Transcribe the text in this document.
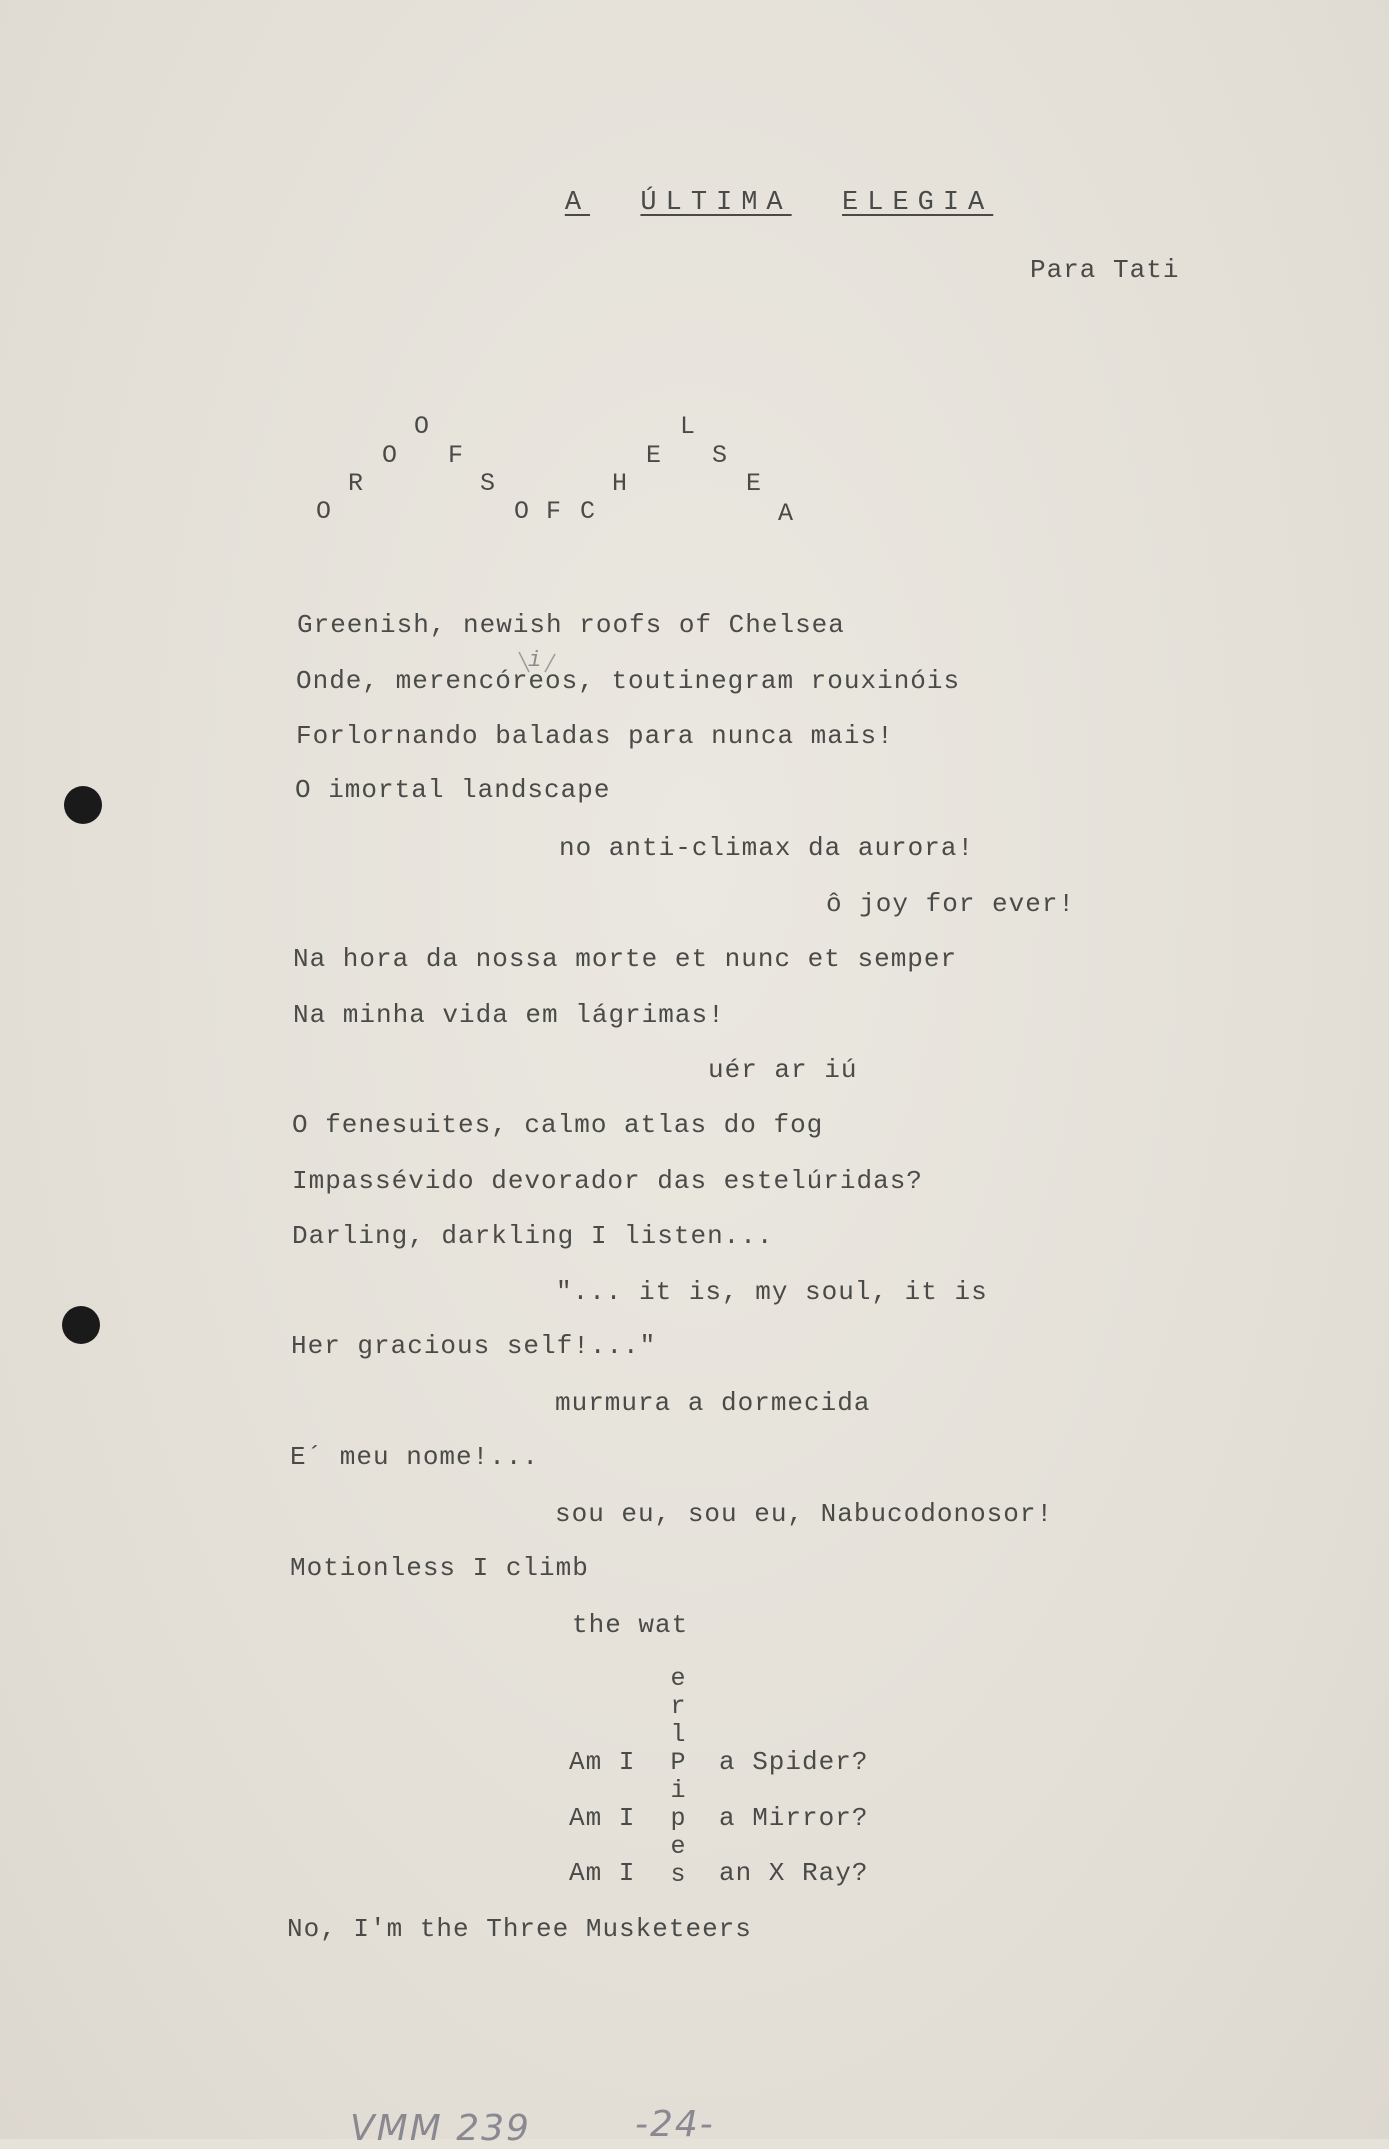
A ÚLTIMA ELEGIA

Para Tati
O
R
O
O
F
S
O F C
H
E
L
S
E
A
Greenish, newish roofs of Chelsea
Onde, merencóreos, toutinegram rouxinóis
Forlornando baladas para nunca mais!
O imortal landscape
no anti-climax da aurora!
ô joy for ever!
Na hora da nossa morte et nunc et semper
Na minha vida em lágrimas!
uér ar iú
O fenesuites, calmo atlas do fog
Impassévido devorador das estelúridas?
Darling, darkling I listen...
"... it is, my soul, it is
Her gracious self!..."
murmura a dormecida
E´ meu nome!...
sou eu, sou eu, Nabucodonosor!
Motionless I climb
the wat
e
r
l
P
i
p
e
s
Am I	a Spider?
Am I	a Mirror?
Am I	an X Ray?
No, I'm the Three Musketeers
i
VMM 239	-24-
